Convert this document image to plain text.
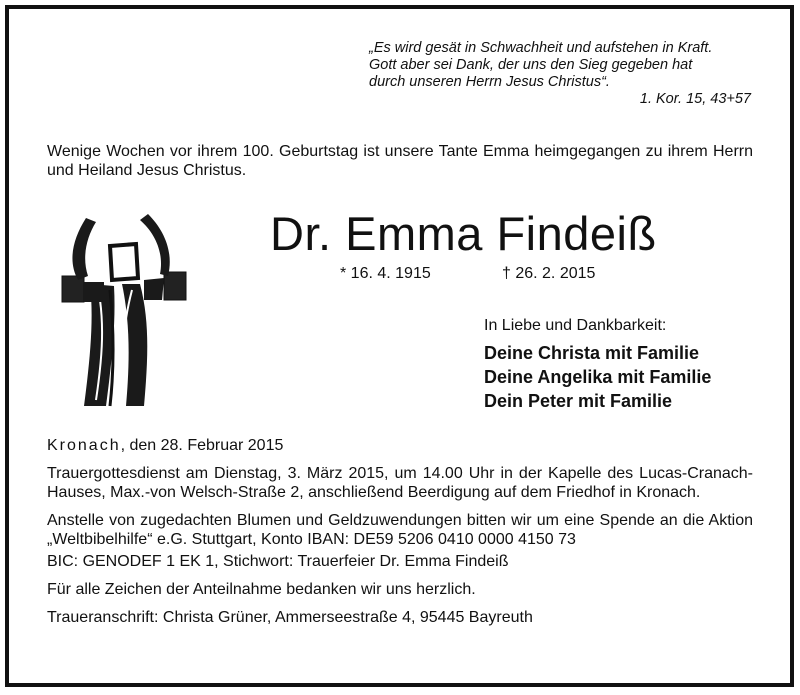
„Es wird gesät in Schwachheit und aufstehen in Kraft.
Gott aber sei Dank, der uns den Sieg gegeben hat
durch unseren Herrn Jesus Christus“.
1. Kor. 15, 43+57
Wenige Wochen vor ihrem 100. Geburtstag ist unsere Tante Emma heimgegangen zu ihrem Herrn und Heiland Jesus Christus.
Dr. Emma Findeiß
* 16. 4. 1915	† 26. 2. 2015
In Liebe und Dankbarkeit:
Deine Christa mit Familie
Deine Angelika mit Familie
Dein Peter mit Familie

Kronach, den 28. Februar 2015

Trauergottesdienst am Dienstag, 3. März 2015, um 14.00 Uhr in der Kapelle des Lucas-Cranach-Hauses, Max.-von Welsch-Straße 2, anschließend Beerdigung auf dem Friedhof in Kronach.

Anstelle von zugedachten Blumen und Geldzuwendungen bitten wir um eine Spende an die Aktion „Weltbibelhilfe“ e.G. Stuttgart, Konto IBAN: DE59 5206 0410 0000 4150 73

BIC: GENODEF 1 EK 1, Stichwort: Trauerfeier Dr. Emma Findeiß

Für alle Zeichen der Anteilnahme bedanken wir uns herzlich.

Traueranschrift: Christa Grüner, Ammerseestraße 4, 95445 Bayreuth
